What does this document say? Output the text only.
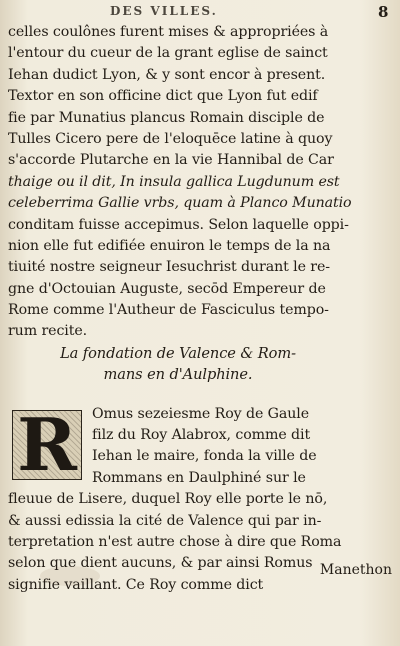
DES VILLES.	8
celles coulônes furent mises & appropriées à
l'entour du cueur de la grant eglise de sainct
Iehan dudict Lyon, & y sont encor à present.
Textor en son officine dict que Lyon fut edif
fie par Munatius plancus Romain disciple de
Tulles Cicero pere de l'eloquēce latine à quoy
s'accorde Plutarche en la vie Hannibal de Car
thaige ou il dit, In insula gallica Lugdunum est
celeberrima Gallie vrbs, quam à Planco Munatio
conditam fuisse accepimus. Selon laquelle oppi-
nion elle fut edifiée enuiron le temps de la na
tiuité nostre seigneur Iesuchrist durant le re-
gne d'Octouian Auguste, secōd Empereur de
Rome comme l'Autheur de Fasciculus tempo-
rum recite.
La fondation de Valence & Rom-
mans en d'Aulphine.
R	Omus sezeiesme Roy de Gaule
filz du Roy Alabrox, comme dit
Iehan le maire, fonda la ville de
Rommans en Daulphiné sur le
fleuue de Lisere, duquel Roy elle porte le nō,
& aussi edissia la cité de Valence qui par in-
terpretation n'est autre chose à dire que Roma
selon que dient aucuns, & par ainsi Romus
signifie vaillant. Ce Roy comme dict
Manethon
